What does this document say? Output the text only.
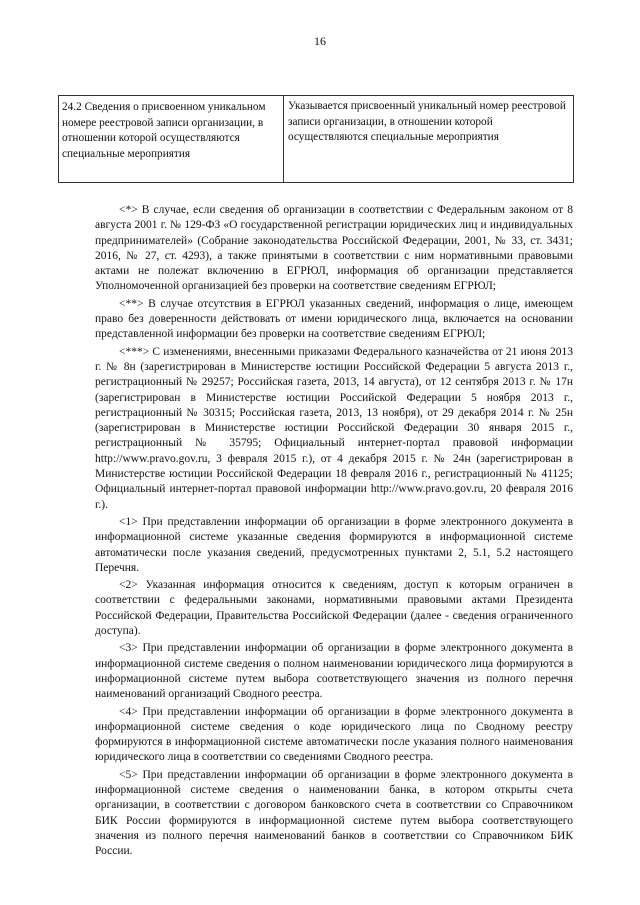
16
24.2 Сведения о присвоенном уникальном номере реестровой записи организации, в отношении которой осуществляются специальные мероприятия
Указывается присвоенный уникальный номер реестровой записи организации, в отношении которой осуществляются специальные мероприятия

<*> В случае, если сведения об организации в соответствии с Федеральным законом от 8 августа 2001 г. № 129-ФЗ «О государственной регистрации юридических лиц и индивидуальных предпринимателей» (Собрание законодательства Российской Федерации, 2001, № 33, ст. 3431; 2016, № 27, ст. 4293), а также принятыми в соответствии с ним нормативными правовыми актами не полежат включению в ЕГРЮЛ, информация об организации представляется Уполномоченной организацией без проверки на соответствие сведениям ЕГРЮЛ;

<**> В случае отсутствия в ЕГРЮЛ указанных сведений, информация о лице, имеющем право без доверенности действовать от имени юридического лица, включается на основании представленной информации без проверки на соответствие сведениям ЕГРЮЛ;

<***> С изменениями, внесенными приказами Федерального казначейства от 21 июня 2013 г. № 8н (зарегистрирован в Министерстве юстиции Российской Федерации 5 августа 2013 г., регистрационный № 29257; Российская газета, 2013, 14 августа), от 12 сентября 2013 г. № 17н (зарегистрирован в Министерстве юстиции Российской Федерации 5 ноября 2013 г., регистрационный № 30315; Российская газета, 2013, 13 ноября), от 29 декабря 2014 г. № 25н (зарегистрирован в Министерстве юстиции Российской Федерации 30 января 2015 г., регистрационный № 35795; Официальный интернет-портал правовой информации http://www.pravo.gov.ru, 3 февраля 2015 г.), от 4 декабря 2015 г. № 24н (зарегистрирован в Министерстве юстиции Российской Федерации 18 февраля 2016 г., регистрационный № 41125; Официальный интернет-портал правовой информации http://www.pravo.gov.ru, 20 февраля 2016 г.).

<1> При представлении информации об организации в форме электронного документа в информационной системе указанные сведения формируются в информационной системе автоматически после указания сведений, предусмотренных пунктами 2, 5.1, 5.2 настоящего Перечня.

<2> Указанная информация относится к сведениям, доступ к которым ограничен в соответствии с федеральными законами, нормативными правовыми актами Президента Российской Федерации, Правительства Российской Федерации (далее - сведения ограниченного доступа).

<3> При представлении информации об организации в форме электронного документа в информационной системе сведения о полном наименовании юридического лица формируются в информационной системе путем выбора соответствующего значения из полного перечня наименований организаций Сводного реестра.

<4> При представлении информации об организации в форме электронного документа в информационной системе сведения о коде юридического лица по Сводному реестру формируются в информационной системе автоматически после указания полного наименования юридического лица в соответствии со сведениями Сводного реестра.

<5> При представлении информации об организации в форме электронного документа в информационной системе сведения о наименовании банка, в котором открыты счета организации, в соответствии с договором банковского счета в соответствии со Справочником БИК России формируются в информационной системе путем выбора соответствующего значения из полного перечня наименований банков в соответствии со Справочником БИК России.
